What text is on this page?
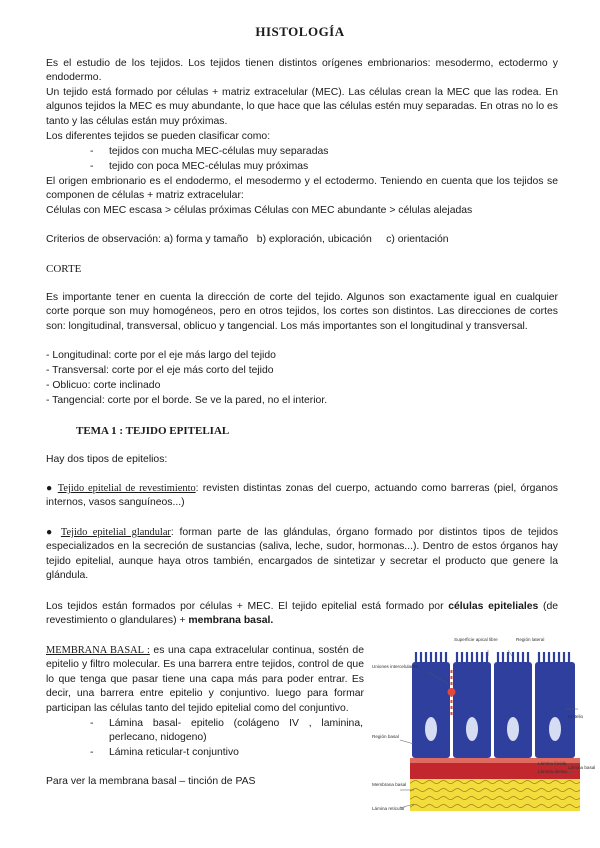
HISTOLOGÍA

Es el estudio de los tejidos. Los tejidos tienen distintos orígenes embrionarios: mesodermo, ectodermo y endodermo.

Un tejido está formado por células + matriz extracelular (MEC). Las células crean la MEC que las rodea. En algunos tejidos la MEC es muy abundante, lo que hace que las células estén muy separadas. En otras no lo es tanto y las células están muy próximas.

Los diferentes tejidos se pueden clasificar como:

- tejidos con mucha MEC-células muy separadas
- tejido con poca MEC-células muy próximas

El origen embrionario es el endodermo, el mesodermo y el ectodermo. Teniendo en cuenta que los tejidos se componen de células + matriz extracelular:

Células con MEC escasa > células próximas Células con MEC abundante > células alejadas

Criterios de observación: a) forma y tamaño   b) exploración, ubicación     c) orientación

CORTE

Es importante tener en cuenta la dirección de corte del tejido. Algunos son exactamente igual en cualquier corte porque son muy homogéneos, pero en otros tejidos, los cortes son distintos. Las direcciones de cortes son: longitudinal, transversal, oblicuo y tangencial. Los más importantes son el longitudinal y transversal.

- Longitudinal: corte por el eje más largo del tejido

- Transversal: corte por el eje más corto del tejido

- Oblicuo: corte inclinado

- Tangencial: corte por el borde. Se ve la pared, no el interior.

TEMA 1 : TEJIDO EPITELIAL

Hay dos tipos de epitelios:

● Tejido epitelial de revestimiento: revisten distintas zonas del cuerpo, actuando como barreras (piel, órganos internos, vasos sanguíneos...)

● Tejido epitelial glandular: forman parte de las glándulas, órgano formado por distintos tipos de tejidos especializados en la secreción de sustancias (saliva, leche, sudor, hormonas...). Dentro de estos órganos hay tejido epitelial, aunque haya otros también, encargados de sintetizar y secretar el producto que genere la glándula.

Los tejidos están formados por células + MEC. El tejido epitelial está formado por células epiteliales (de revestimiento o glandulares) + membrana basal.

MEMBRANA BASAL : es una capa extracelular continua, sostén de epitelio y filtro molecular. Es una barrera entre tejidos, control de que lo que tenga que pasar tiene una capa más para poder entrar. Es decir, una barrera entre epitelio y conjuntivo. luego para formar participan las células tanto del tejido epitelial como del conjuntivo.

- Lámina basal- epitelio (colágeno IV , laminina, perlecano, nidogeno)
- Lámina reticular-t conjuntivo

Para ver la membrana basal – tinción de PAS

Superficie apical libre	Región lateral
Uniones intercelulares
Epitelio
Región basal
Lámina lúcida
Lámina densa
Lámina basal
Membrana basal
Lámina reticular
